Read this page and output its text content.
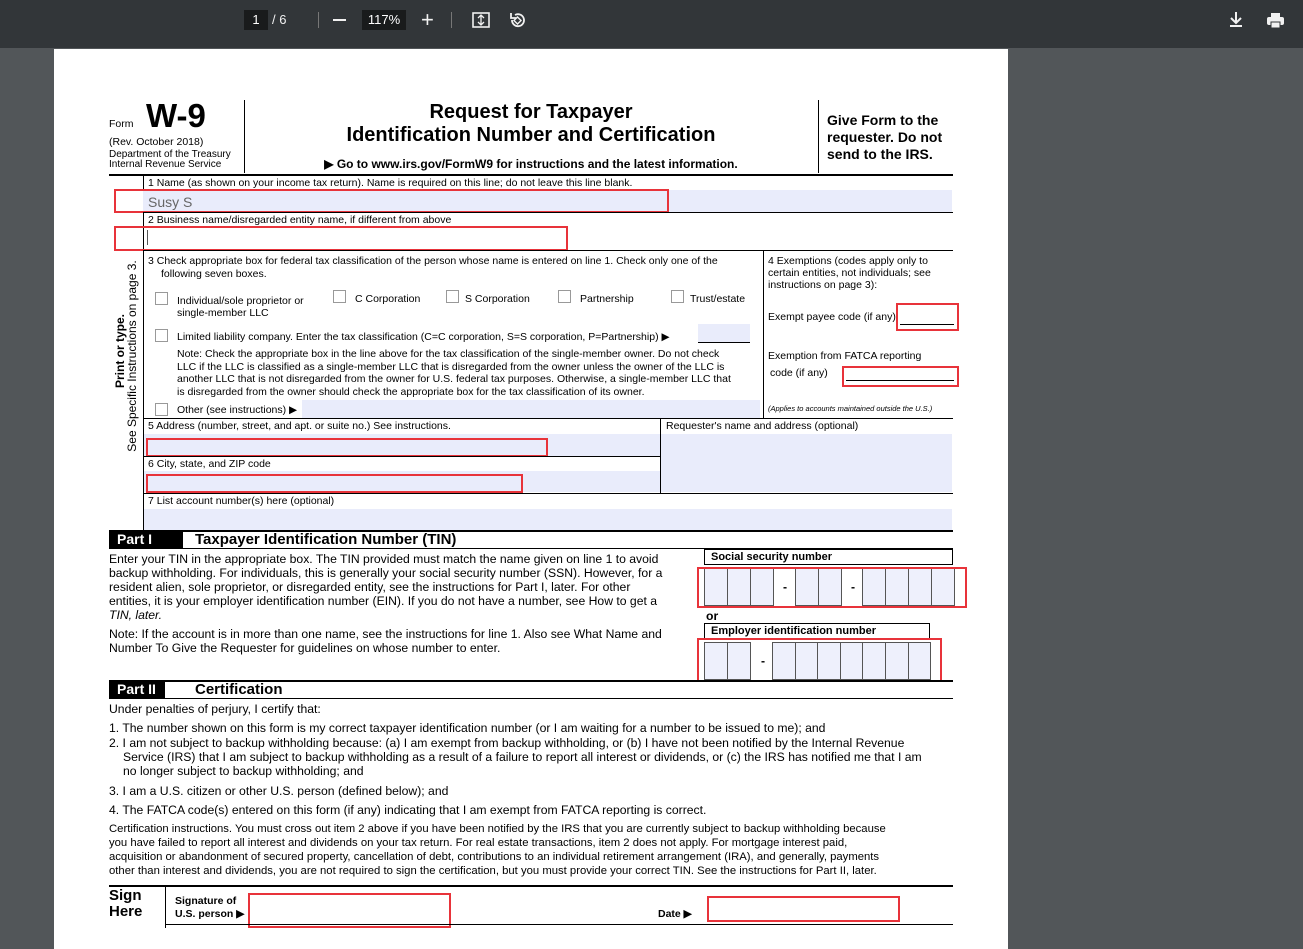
1 / 6	117% +
Form W-9
(Rev. October 2018)
Department of the Treasury
Internal Revenue Service
Request for Taxpayer
Identification Number and Certification
▶ Go to www.irs.gov/FormW9 for instructions and the latest information.
Give Form to the
requester. Do not
send to the IRS.
Print or type.
See Specific Instructions on page 3.
1 Name (as shown on your income tax return). Name is required on this line; do not leave this line blank.
Susy S
2 Business name/disregarded entity name, if different from above
3 Check appropriate box for federal tax classification of the person whose name is entered on line 1. Check only one of the
following seven boxes.
Individual/sole proprietor or
single-member LLC
C Corporation	S Corporation	Partnership	Trust/estate
Limited liability company. Enter the tax classification (C=C corporation, S=S corporation, P=Partnership) ▶
Note: Check the appropriate box in the line above for the tax classification of the single-member owner. Do not check
LLC if the LLC is classified as a single-member LLC that is disregarded from the owner unless the owner of the LLC is
another LLC that is not disregarded from the owner for U.S. federal tax purposes. Otherwise, a single-member LLC that
is disregarded from the owner should check the appropriate box for the tax classification of its owner.
Other (see instructions) ▶
4 Exemptions (codes apply only to
certain entities, not individuals; see
instructions on page 3):
Exempt payee code (if any)
Exemption from FATCA reporting
code (if any)
(Applies to accounts maintained outside the U.S.)
5 Address (number, street, and apt. or suite no.) See instructions.	Requester's name and address (optional)
6 City, state, and ZIP code
7 List account number(s) here (optional)
Part I	Taxpayer Identification Number (TIN)
Enter your TIN in the appropriate box. The TIN provided must match the name given on line 1 to avoid
backup withholding. For individuals, this is generally your social security number (SSN). However, for a
resident alien, sole proprietor, or disregarded entity, see the instructions for Part I, later. For other
entities, it is your employer identification number (EIN). If you do not have a number, see How to get a
TIN, later.
Note: If the account is in more than one name, see the instructions for line 1. Also see What Name and
Number To Give the Requester for guidelines on whose number to enter.
Social security number
-	-
or
Employer identification number
-
Part II	Certification
Under penalties of perjury, I certify that:
1. The number shown on this form is my correct taxpayer identification number (or I am waiting for a number to be issued to me); and
2. I am not subject to backup withholding because: (a) I am exempt from backup withholding, or (b) I have not been notified by the Internal Revenue
Service (IRS) that I am subject to backup withholding as a result of a failure to report all interest or dividends, or (c) the IRS has notified me that I am
no longer subject to backup withholding; and
3. I am a U.S. citizen or other U.S. person (defined below); and
4. The FATCA code(s) entered on this form (if any) indicating that I am exempt from FATCA reporting is correct.
Certification instructions. You must cross out item 2 above if you have been notified by the IRS that you are currently subject to backup withholding because
you have failed to report all interest and dividends on your tax return. For real estate transactions, item 2 does not apply. For mortgage interest paid,
acquisition or abandonment of secured property, cancellation of debt, contributions to an individual retirement arrangement (IRA), and generally, payments
other than interest and dividends, you are not required to sign the certification, but you must provide your correct TIN. See the instructions for Part II, later.
Sign
Here
Signature of
U.S. person ▶	Date ▶
